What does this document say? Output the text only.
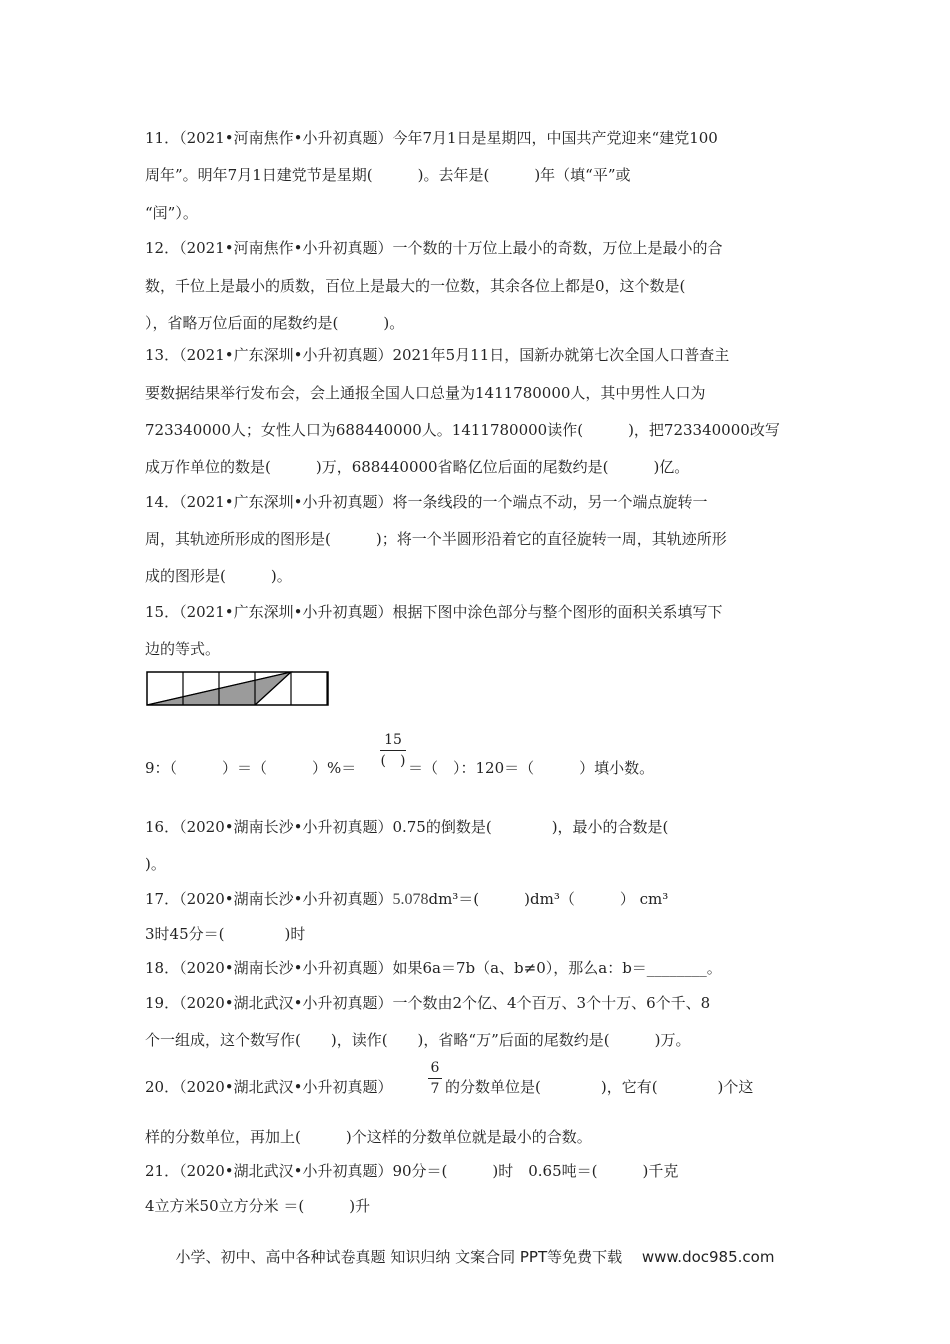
11．（2021•河南焦作•小升初真题）今年7月1日是星期四，中国共产党迎来“建党100
周年”。明年7月1日建党节是星期(　　　)。去年是(　　　)年（填“平”或
“闰”）。
12．（2021•河南焦作•小升初真题）一个数的十万位上最小的奇数，万位上是最小的合
数，千位上是最小的质数，百位上是最大的一位数，其余各位上都是0，这个数是(
），省略万位后面的尾数约是(　　　)。
13．（2021•广东深圳•小升初真题）2021年5月11日，国新办就第七次全国人口普查主
要数据结果举行发布会，会上通报全国人口总量为1411780000人，其中男性人口为
723340000人；女性人口为688440000人。1411780000读作(　　　)，把723340000改写
成万作单位的数是(　　　)万，688440000省略亿位后面的尾数约是(　　　)亿。
14．（2021•广东深圳•小升初真题）将一条线段的一个端点不动，另一个端点旋转一
周，其轨迹所形成的图形是(　　　)；将一个半圆形沿着它的直径旋转一周，其轨迹所形
成的图形是(　　　)。
15．（2021•广东深圳•小升初真题）根据下图中涂色部分与整个图形的面积关系填写下
边的等式。
9：（　　　）＝（　　　）%＝
15
(　) ＝（　）：120＝（　　　）填小数。
16．（2020•湖南长沙•小升初真题）0.75的倒数是(　　　　)，最小的合数是(
)。
17．（2020•湖南长沙•小升初真题）5.078dm³＝(　　　)dm³（　　　） cm³
3时45分＝(　　　　)时
18．（2020•湖南长沙•小升初真题）如果6a＝7b（a、b≠0），那么a：b＝________。
19．（2020•湖北武汉•小升初真题）一个数由2个亿、4个百万、3个十万、6个千、8
个一组成，这个数写作(　　)，读作(　　)，省略“万”后面的尾数约是(　　　)万。
20．（2020•湖北武汉•小升初真题）
6
7 的分数单位是(　　　　)，它有(　　　　)个这
样的分数单位，再加上(　　　)个这样的分数单位就是最小的合数。
21．（2020•湖北武汉•小升初真题）90分＝(　　　)时　0.65吨＝(　　　)千克
4立方米50立方分米 ＝(　　　)升
小学、初中、高中各种试卷真题 知识归纳 文案合同 PPT等免费下载　 www.doc985.com
